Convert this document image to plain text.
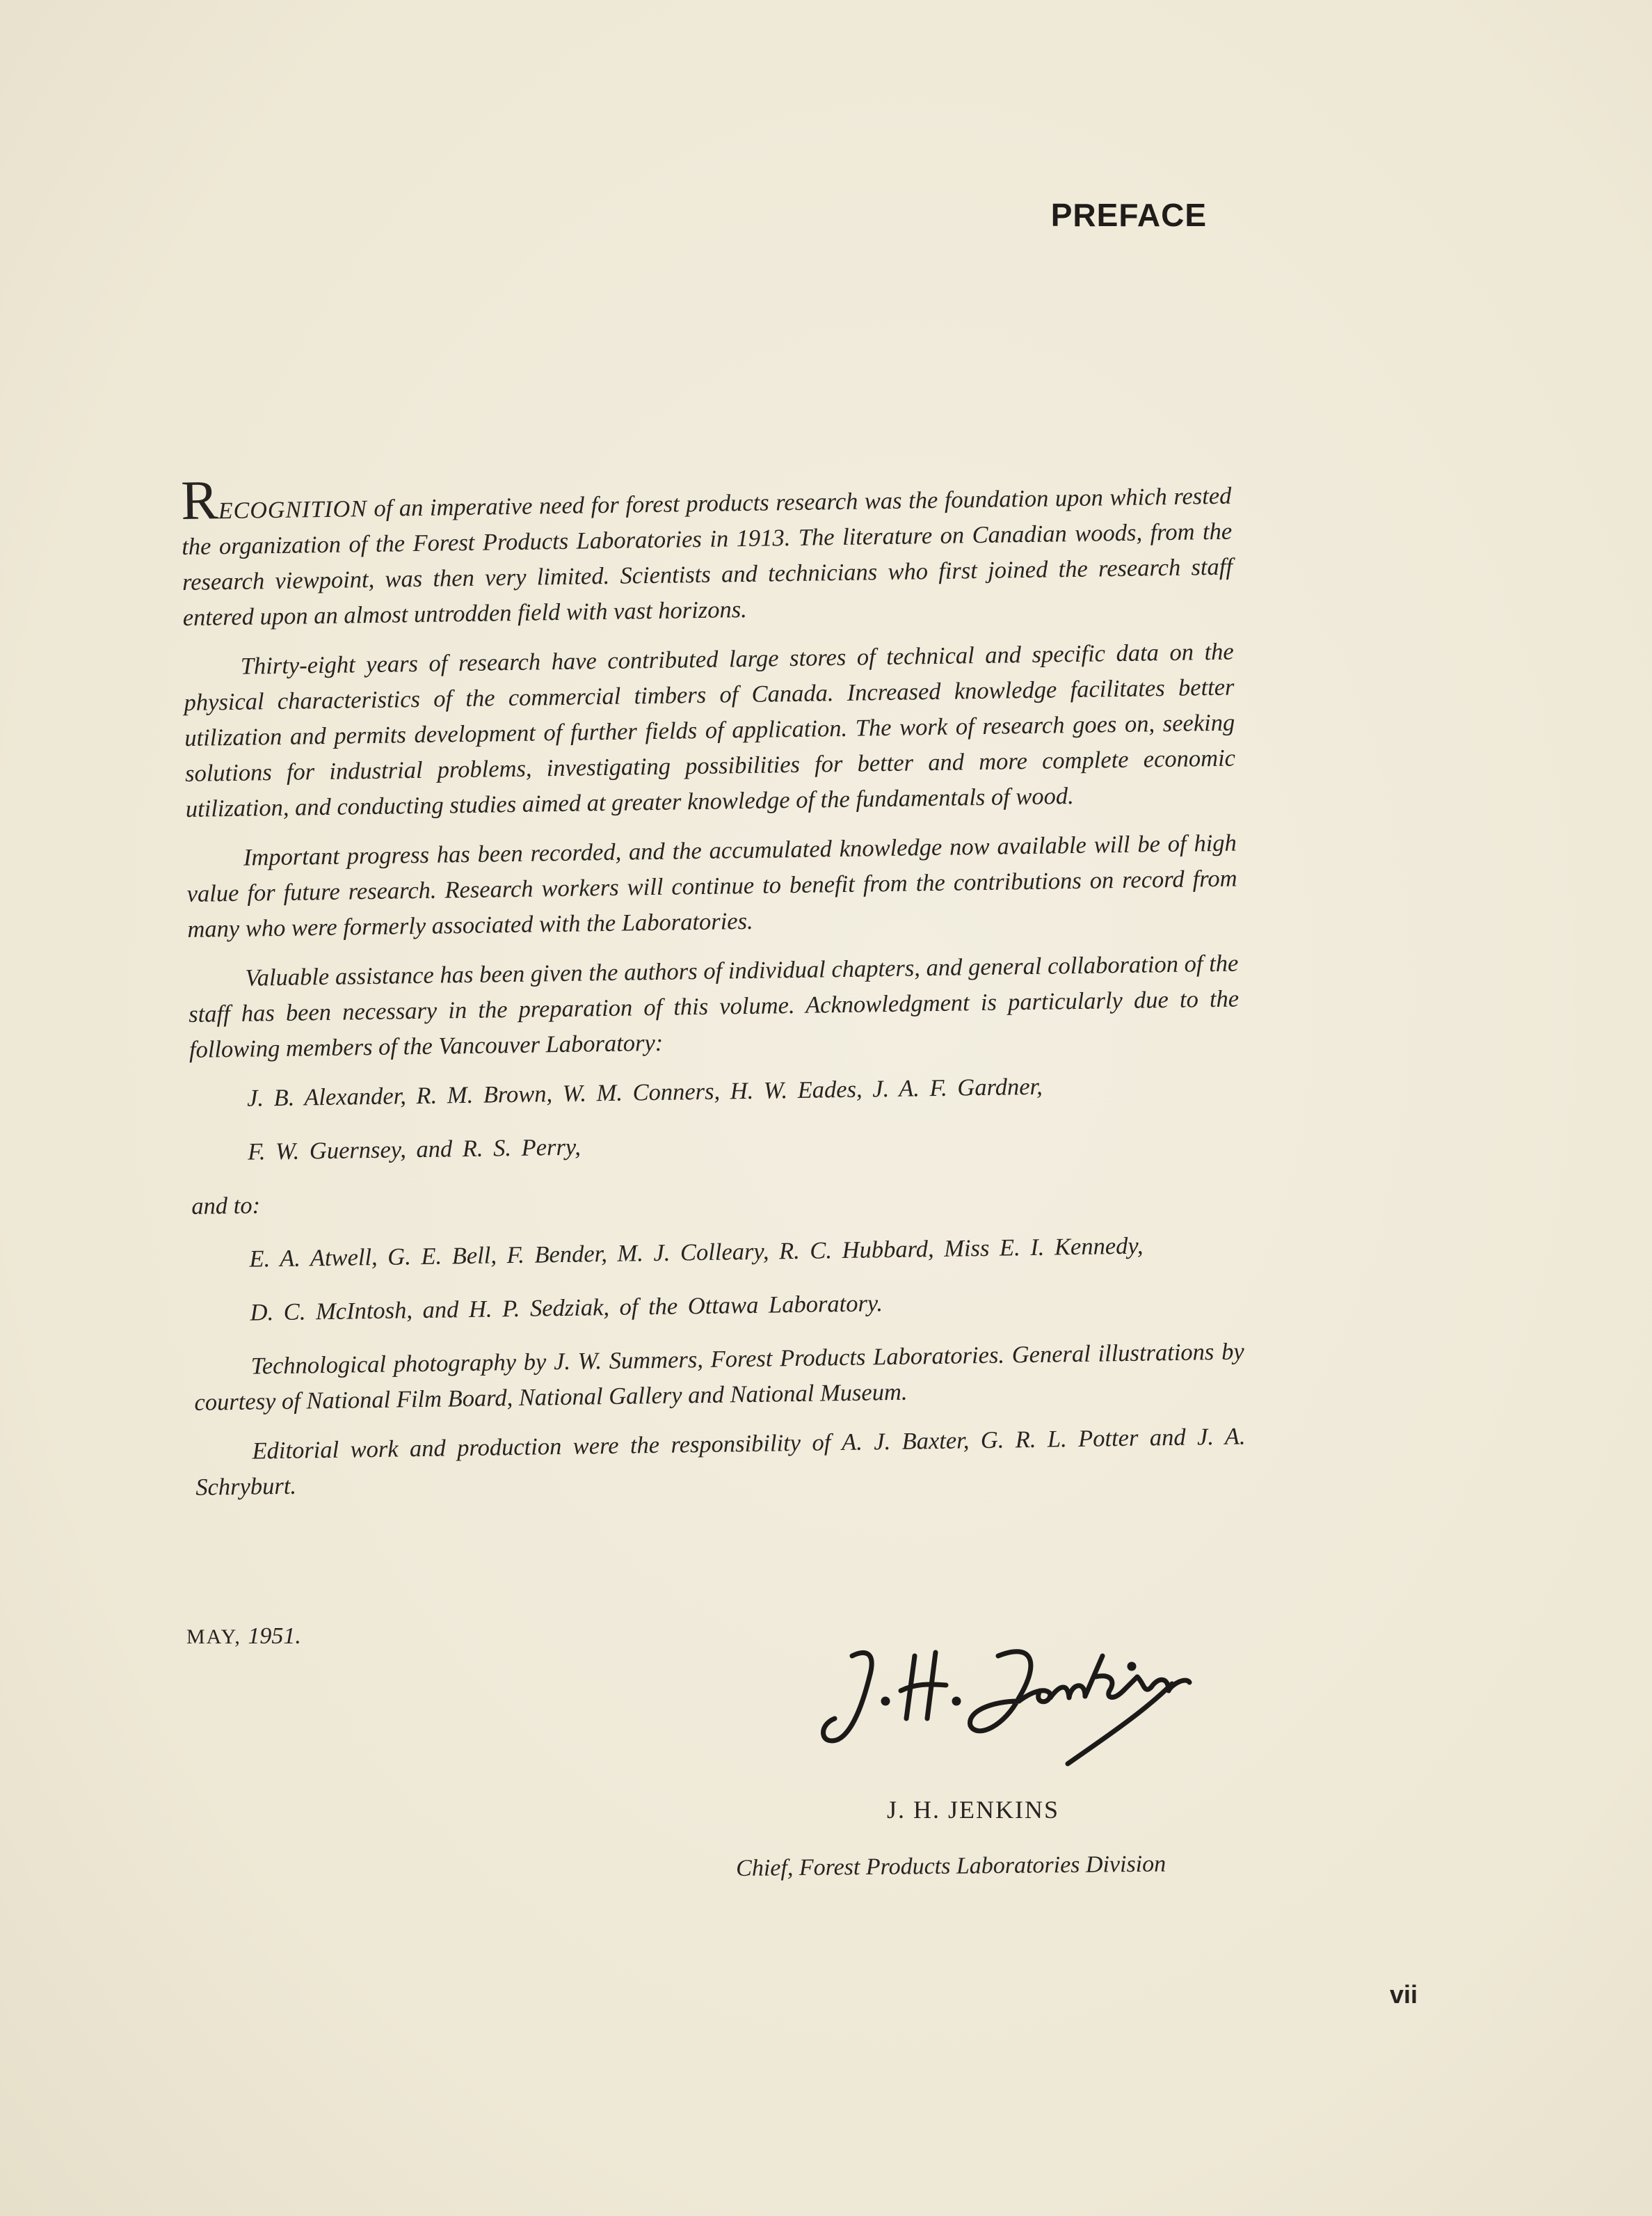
PREFACE

RECOGNITION of an imperative need for forest products research was the foundation upon which rested the organization of the Forest Products Laboratories in 1913. The literature on Canadian woods, from the research viewpoint, was then very limited. Scientists and technicians who first joined the research staff entered upon an almost untrodden field with vast horizons.

Thirty-eight years of research have contributed large stores of technical and specific data on the physical characteristics of the commercial timbers of Canada. Increased knowledge facilitates better utilization and permits development of further fields of application. The work of research goes on, seeking solutions for industrial problems, investigating possibilities for better and more complete economic utilization, and conducting studies aimed at greater knowledge of the fundamentals of wood.

Important progress has been recorded, and the accumulated knowledge now available will be of high value for future research. Research workers will continue to benefit from the contributions on record from many who were formerly associated with the Laboratories.

Valuable assistance has been given the authors of individual chapters, and general collaboration of the staff has been necessary in the preparation of this volume. Acknowledgment is particularly due to the following members of the Vancouver Laboratory:

J. B. Alexander, R. M. Brown, W. M. Conners, H. W. Eades, J. A. F. Gardner,

F. W. Guernsey, and R. S. Perry,

and to:

E. A. Atwell, G. E. Bell, F. Bender, M. J. Colleary, R. C. Hubbard, Miss E. I. Kennedy,

D. C. McIntosh, and H. P. Sedziak, of the Ottawa Laboratory.

Technological photography by J. W. Summers, Forest Products Laboratories. General illustrations by courtesy of National Film Board, National Gallery and National Museum.

Editorial work and production were the responsibility of A. J. Baxter, G. R. L. Potter and J. A. Schryburt.

MAY, 1951.	J. H. Jenkins
J. H. JENKINS
Chief, Forest Products Laboratories Division
vii
